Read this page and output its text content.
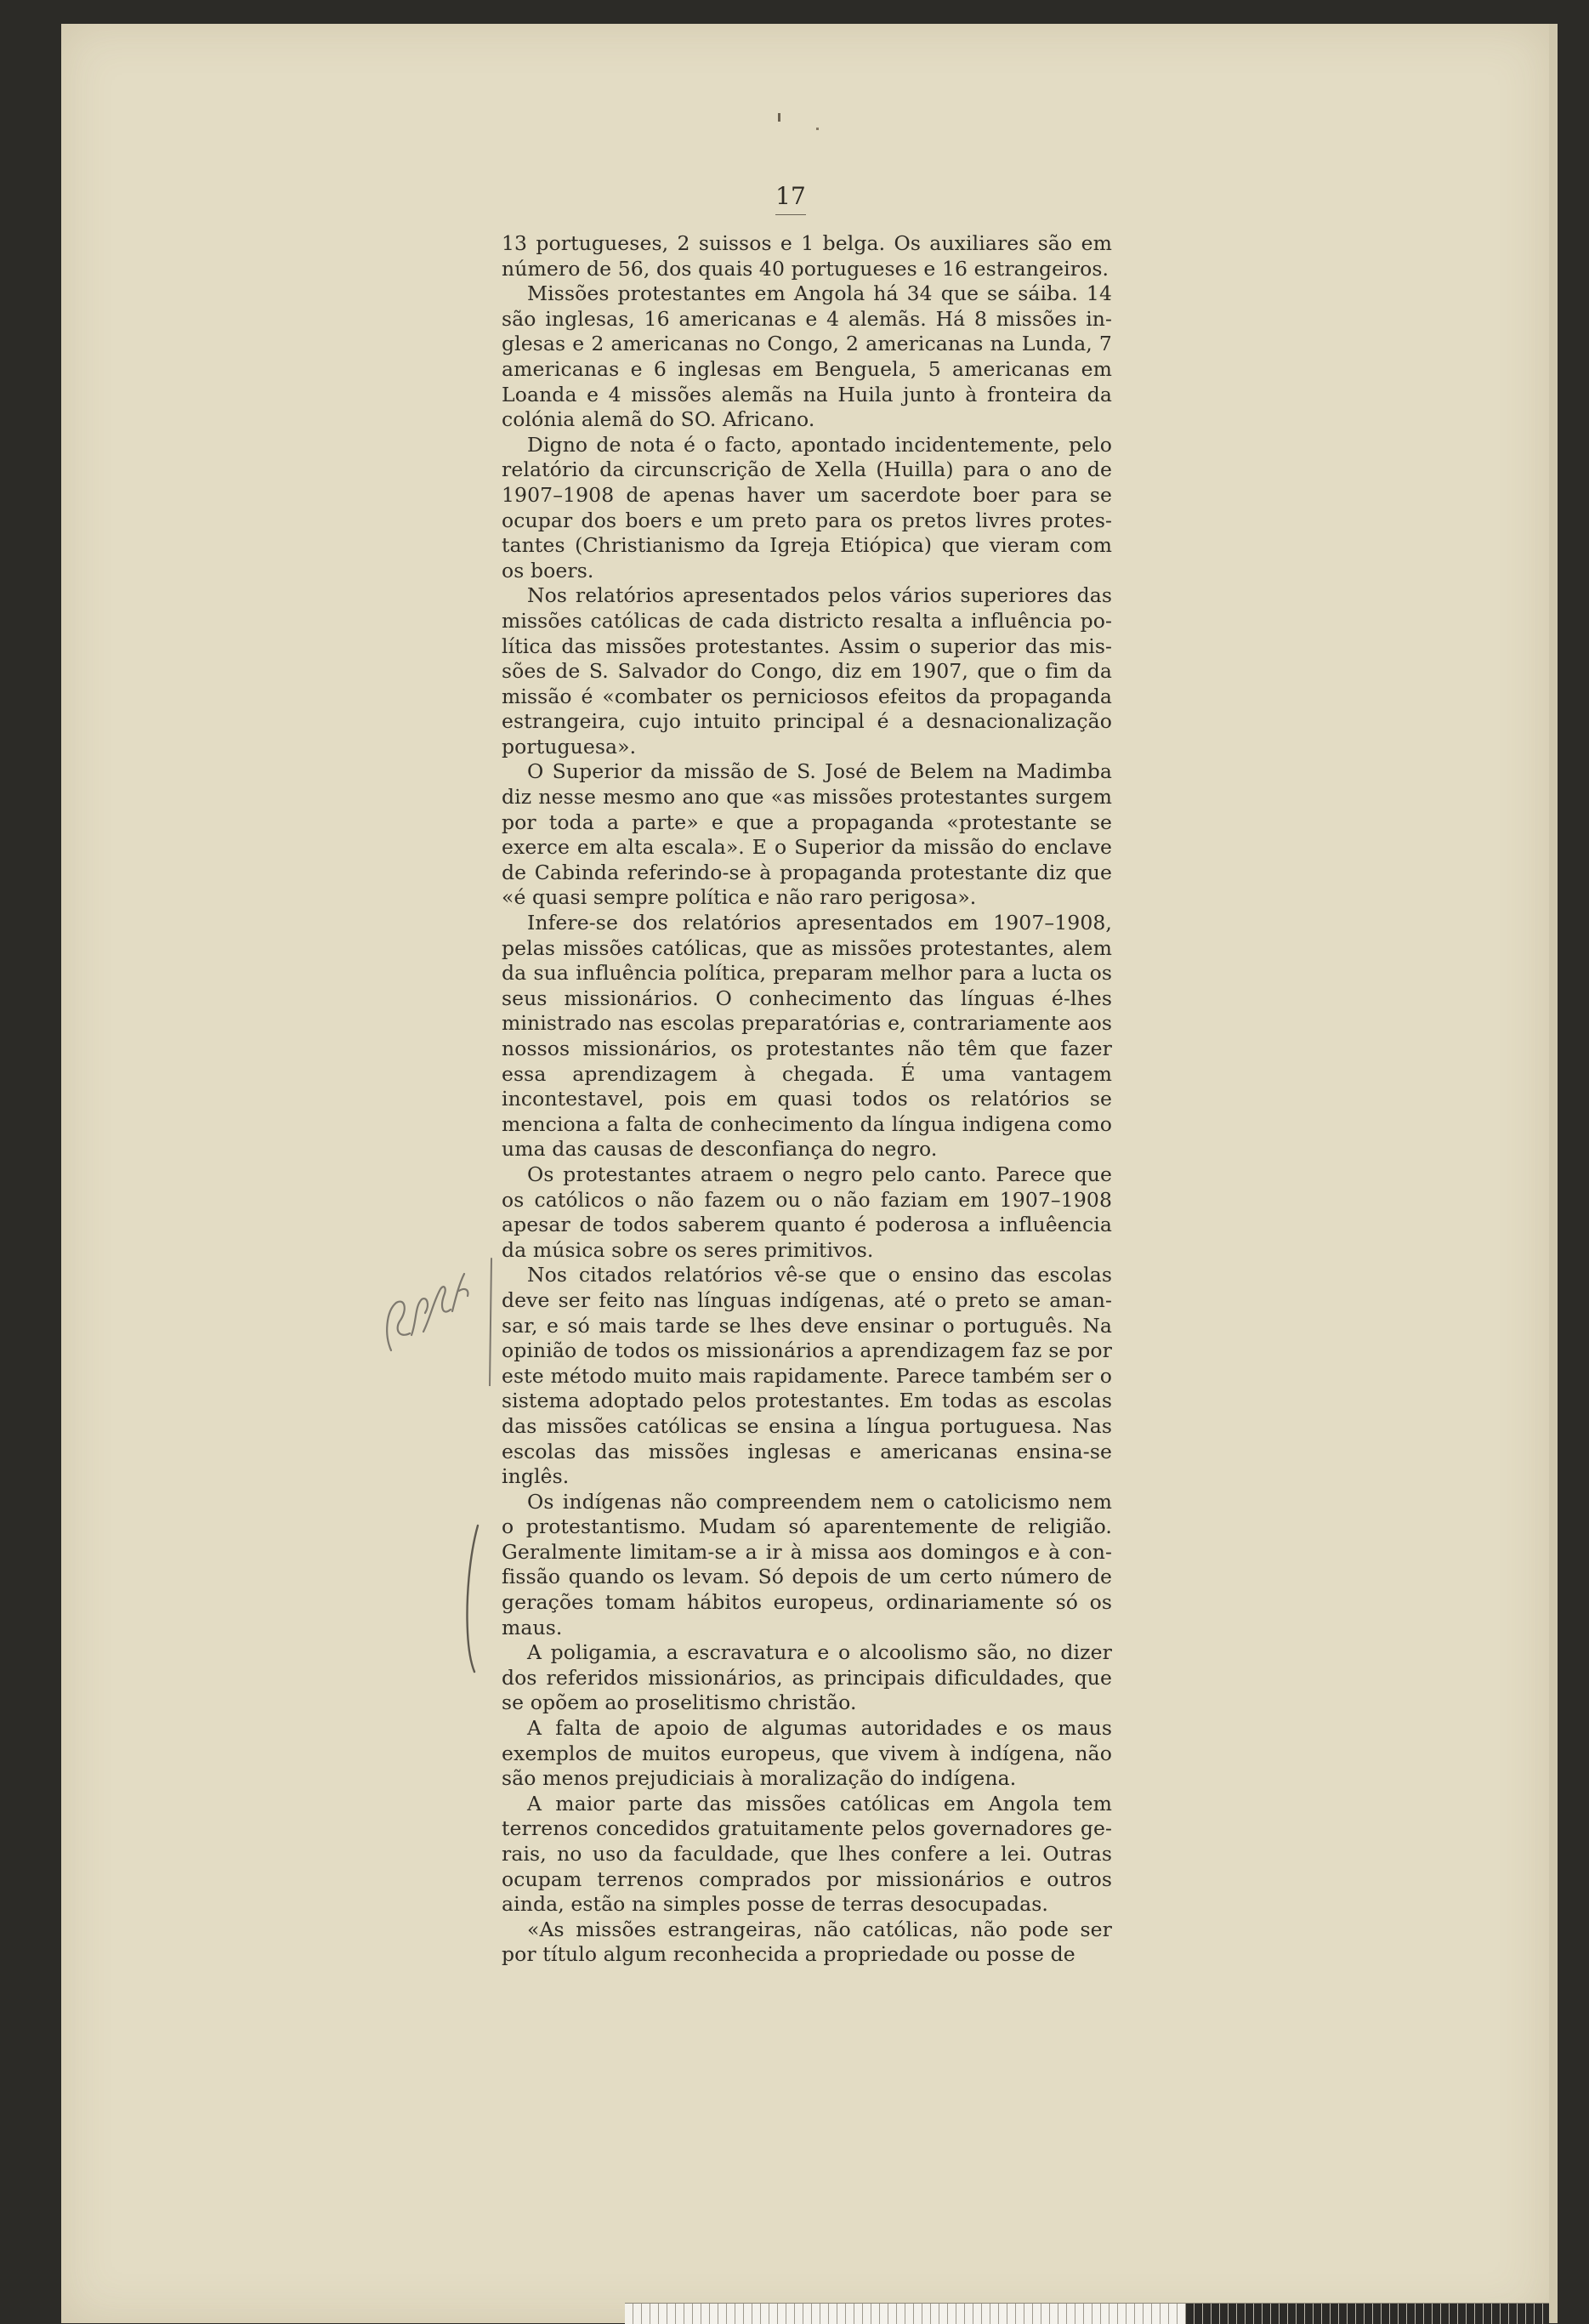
17

13 portugueses, 2 suissos e 1 belga. Os auxiliares são em número de 56, dos quais 40 portugueses e 16 estrangeiros.

Missões protestantes em Angola há 34 que se sáiba. 14 são inglesas, 16 americanas e 4 alemãs. Há 8 missões inglesas e 2 americanas no Congo, 2 americanas na Lunda, 7 americanas e 6 inglesas em Benguela, 5 americanas em Loanda e 4 missões alemãs na Huila junto à fronteira da colónia alemã do SO. Africano.

Digno de nota é o facto, apontado incidentemente, pelo relatório da circunscrição de Xella (Huilla) para o ano de 1907–1908 de apenas haver um sacerdote boer para se ocupar dos boers e um preto para os pretos livres protestantes (Christianismo da Igreja Etiópica) que vieram com os boers.

Nos relatórios apresentados pelos vários superiores das missões católicas de cada districto resalta a influência política das missões protestantes. Assim o superior das missões de S. Salvador do Congo, diz em 1907, que o fim da missão é «combater os perniciosos efeitos da propaganda estrangeira, cujo intuito principal é a desnacionalização portuguesa».

O Superior da missão de S. José de Belem na Madimba diz nesse mesmo ano que «as missões protestantes surgem por toda a parte» e que a propaganda «protestante se exerce em alta escala». E o Superior da missão do enclave de Cabinda referindo-se à propaganda protestante diz que «é quasi sempre política e não raro perigosa».

Infere-se dos relatórios apresentados em 1907–1908, pelas missões católicas, que as missões protestantes, alem da sua influência política, preparam melhor para a lucta os seus missionários. O conhecimento das línguas é-lhes ministrado nas escolas preparatórias e, contrariamente aos nossos missionários, os protestantes não têm que fazer essa aprendizagem à chegada. É uma vantagem incontestavel, pois em quasi todos os relatórios se menciona a falta de conhecimento da língua indigena como uma das causas de desconfiança do negro.

Os protestantes atraem o negro pelo canto. Parece que os católicos o não fazem ou o não faziam em 1907–1908 apesar de todos saberem quanto é poderosa a influêencia da música sobre os seres primitivos.

Nos citados relatórios vê-se que o ensino das escolas deve ser feito nas línguas indígenas, até o preto se amansar, e só mais tarde se lhes deve ensinar o português. Na opinião de todos os missionários a aprendizagem faz se por este método muito mais rapidamente. Parece também ser o sistema adoptado pelos protestantes. Em todas as escolas das missões católicas se ensina a língua portuguesa. Nas escolas das missões inglesas e americanas ensina-se inglês.

Os indígenas não compreendem nem o catolicismo nem o protestantismo. Mudam só aparentemente de religião. Geralmente limitam-se a ir à missa aos domingos e à confissão quando os levam. Só depois de um certo número de gerações tomam hábitos europeus, ordinariamente só os maus.

A poligamia, a escravatura e o alcoolismo são, no dizer dos referidos missionários, as principais dificuldades, que se opõem ao proselitismo christão.

A falta de apoio de algumas autoridades e os maus exemplos de muitos europeus, que vivem à indígena, não são menos prejudiciais à moralização do indígena.

A maior parte das missões católicas em Angola tem terrenos concedidos gratuitamente pelos governadores gerais, no uso da faculdade, que lhes confere a lei. Outras ocupam terrenos comprados por missionários e outros ainda, estão na simples posse de terras desocupadas.

«As missões estrangeiras, não católicas, não pode ser por título algum reconhecida a propriedade ou posse de
